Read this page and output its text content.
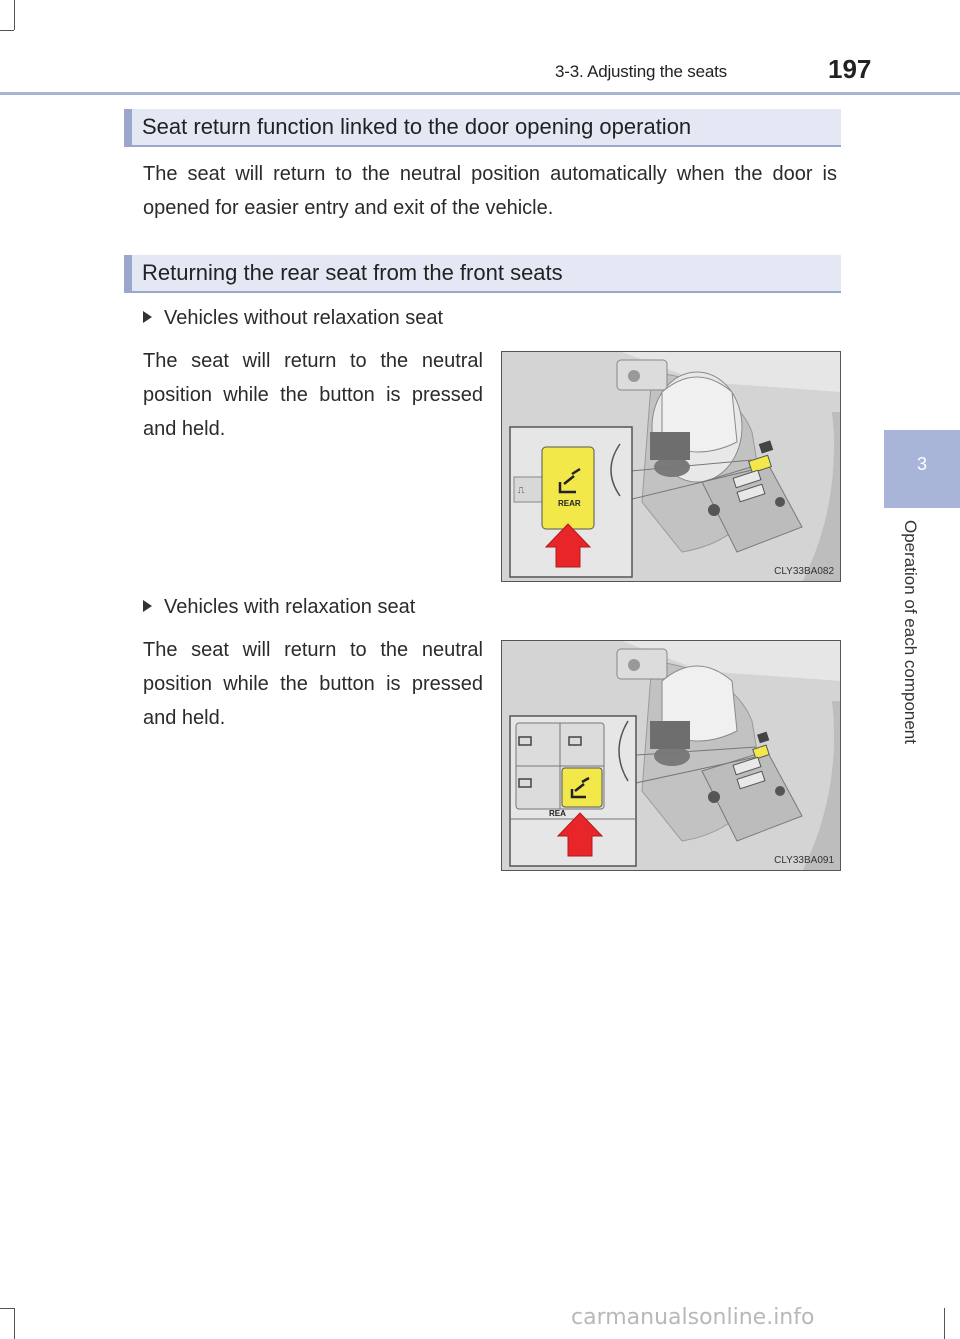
3-3. Adjusting the seats	197
3
Operation of each component
Seat return function linked to the door opening operation
The seat will return to the neutral position automatically when the door is opened for easier entry and exit of the vehicle.
Returning the rear seat from the front seats
Vehicles without relaxation seat
The seat will return to the neutral position while the button is pressed and held.
⎍
REAR
CLY33BA082
Vehicles with relaxation seat
The seat will return to the neutral position while the button is pressed and held.
REA
CLY33BA091
carmanualsonline.info
